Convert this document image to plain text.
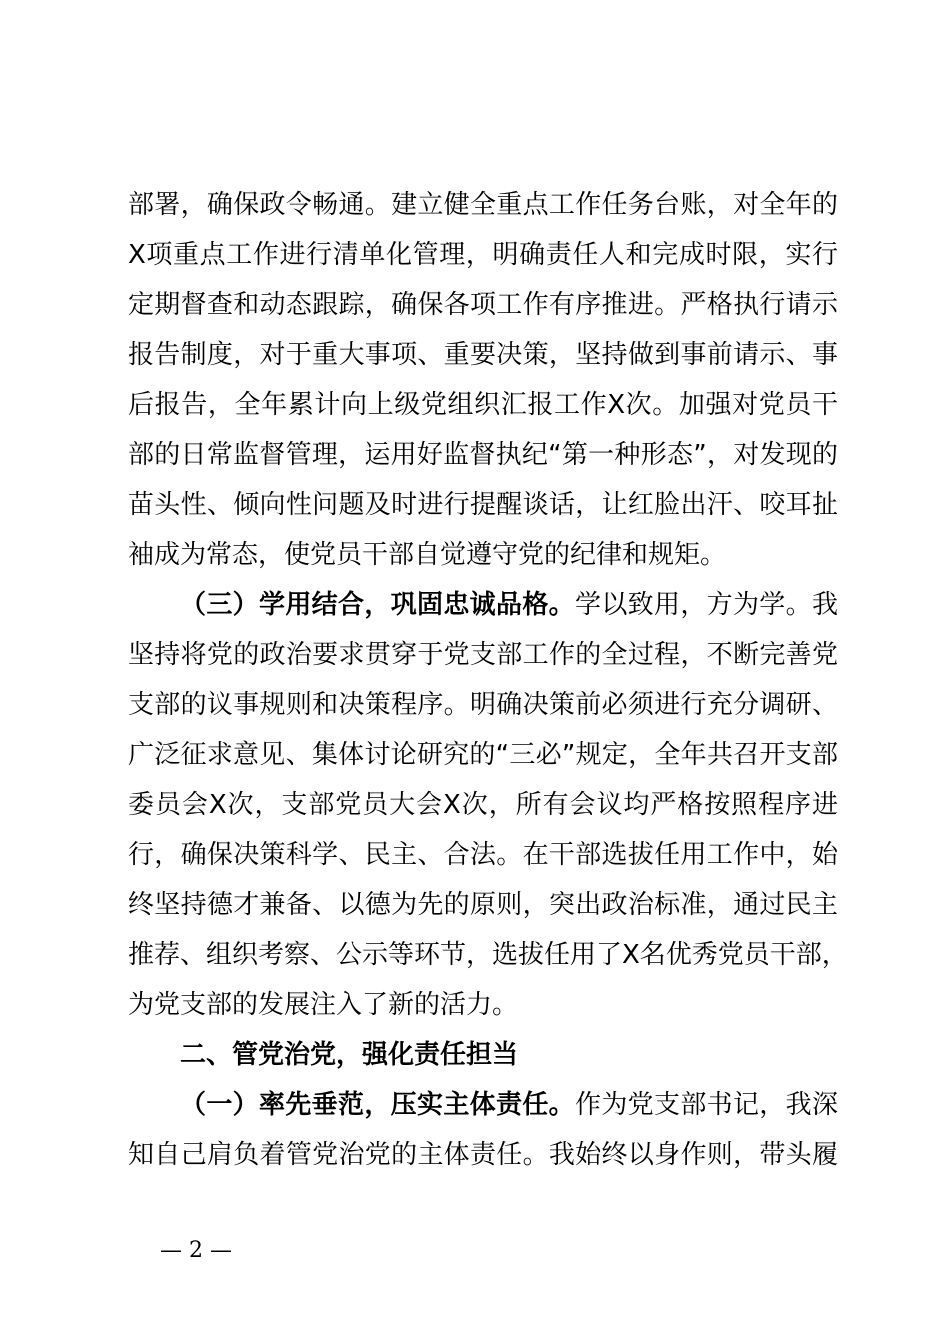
部署，确保政令畅通。建立健全重点工作任务台账，对全年的
X项重点工作进行清单化管理，明确责任人和完成时限，实行
定期督查和动态跟踪，确保各项工作有序推进。严格执行请示
报告制度，对于重大事项、重要决策，坚持做到事前请示、事
后报告，全年累计向上级党组织汇报工作X次。加强对党员干
部的日常监督管理，运用好监督执纪“第一种形态”，对发现的
苗头性、倾向性问题及时进行提醒谈话，让红脸出汗、咬耳扯
袖成为常态，使党员干部自觉遵守党的纪律和规矩。
（三）学用结合，巩固忠诚品格。学以致用，方为学。我
坚持将党的政治要求贯穿于党支部工作的全过程，不断完善党
支部的议事规则和决策程序。明确决策前必须进行充分调研、
广泛征求意见、集体讨论研究的“三必”规定，全年共召开支部
委员会X次，支部党员大会X次，所有会议均严格按照程序进
行，确保决策科学、民主、合法。在干部选拔任用工作中，始
终坚持德才兼备、以德为先的原则，突出政治标准，通过民主
推荐、组织考察、公示等环节，选拔任用了X名优秀党员干部，
为党支部的发展注入了新的活力。
二、管党治党，强化责任担当
（一）率先垂范，压实主体责任。作为党支部书记，我深
知自己肩负着管党治党的主体责任。我始终以身作则，带头履
— 2 —
